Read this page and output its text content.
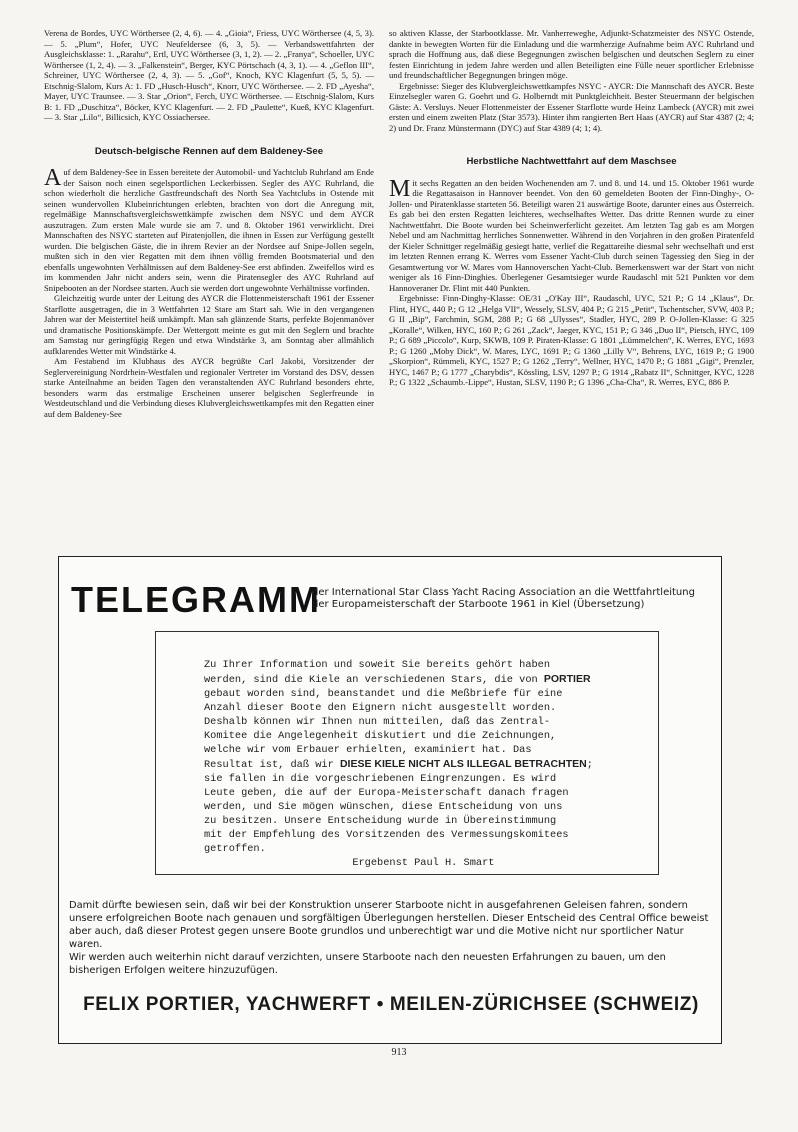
Verena de Bordes, UYC Wörthersee (2, 4, 6). — 4. „Gioia“, Friess, UYC Wörthersee (4, 5, 3). — 5. „Plum“, Hofer, UYC Neufeldersee (6, 3, 5). — Verbandswettfahrten der Ausgleichsklasse: 1. „Rarahu“, Ertl, UYC Wörthersee (3, 1, 2). — 2. „Franya“, Schoeller, UYC Wörthersee (1, 2, 4). — 3. „Falkenstein“, Berger, KYC Pörtschach (4, 3, 1). — 4. „Geflon III“, Schreiner, UYC Wörthersee (2, 4, 3). — 5. „Gof“, Knoch, KYC Klagenfurt (5, 5, 5). — Etschnig-Slalom, Kurs A: 1. FD „Husch-Husch“, Knorr, UYC Wörthersee. — 2. FD „Ayesha“, Mayer, UYC Traunsee. — 3. Star „Orion“, Ferch, UYC Wörthersee. — Etschnig-Slalom, Kurs B: 1. FD „Duschitza“, Böcker, KYC Klagenfurt. — 2. FD „Paulette“, Kueß, KYC Klagenfurt. — 3. Star „Lilo“, Billicsich, KYC Ossiachersee.

Deutsch-belgische Rennen auf dem Baldeney-See

Auf dem Baldeney-See in Essen bereitete der Automobil- und Yachtclub Ruhrland am Ende der Saison noch einen segelsportlichen Leckerbissen. Segler des AYC Ruhrland, die schon wiederholt die herzliche Gastfreundschaft des North Sea Yachtclubs in Ostende mit seinen wundervollen Klubeinrichtungen erlebten, brachten von dort die Anregung mit, regelmäßige Mannschaftsvergleichswettkämpfe zwischen dem NSYC und dem AYCR auszutragen. Zum ersten Male wurde sie am 7. und 8. Oktober 1961 verwirklicht. Drei Mannschaften des NSYC starteten auf Piratenjollen, die ihnen in Essen zur Verfügung gestellt wurden. Die belgischen Gäste, die in ihrem Revier an der Nordsee auf Snipe-Jollen segeln, mußten sich in den vier Regatten mit dem ihnen völlig fremden Bootsmaterial und den ebenfalls ungewohnten Verhältnissen auf dem Baldeney-See erst abfinden. Zweifellos wird es im kommenden Jahr nicht anders sein, wenn die Piratensegler des AYC Ruhrland auf Snipebooten an der Nordsee starten. Auch sie werden dort ungewohnte Verhältnisse vorfinden.

Gleichzeitig wurde unter der Leitung des AYCR die Flottenmeisterschaft 1961 der Essener Starflotte ausgetragen, die in 3 Wettfahrten 12 Stare am Start sah. Wie in den vergangenen Jahren war der Meistertitel heiß umkämpft. Man sah glänzende Starts, perfekte Bojenmanöver und dramatische Positionskämpfe. Der Wettergott meinte es gut mit den Seglern und brachte am Samstag nur geringfügig Regen und etwa Windstärke 3, am Sonntag aber allmählich aufklarendes Wetter mit Windstärke 4.

Am Festabend im Klubhaus des AYCR begrüßte Carl Jakobi, Vorsitzender der Seglervereinigung Nordrhein-Westfalen und regionaler Vertreter im Vorstand des DSV, dessen starke Anteilnahme an beiden Tagen den veranstaltenden AYC Ruhrland besonders ehrte, besonders warm das erstmalige Erscheinen unserer belgischen Seglerfreunde in Westdeutschland und die Verbindung dieses Klubvergleichswettkampfes mit den Regatten einer auf dem Baldeney-See

so aktiven Klasse, der Starbootklasse. Mr. Vanherreweghe, Adjunkt-Schatzmeister des NSYC Ostende, dankte in bewegten Worten für die Einladung und die warmherzige Aufnahme beim AYC Ruhrland und sprach die Hoffnung aus, daß diese Begegnungen zwischen belgischen und deutschen Seglern zu einer festen Einrichtung in jedem Jahre werden und allen Beteiligten eine Fülle neuer sportlicher Erlebnisse und freundschaftlicher Begegnungen bringen möge.

Ergebnisse: Sieger des Klubvergleichswettkampfes NSYC - AYCR: Die Mannschaft des AYCR. Beste Einzelsegler waren G. Goehrt und G. Holberndt mit Punktgleichheit. Bester Steuermann der belgischen Gäste: A. Versluys. Neuer Flottenmeister der Essener Starflotte wurde Heinz Lambeck (AYCR) mit zwei ersten und einem zweiten Platz (Star 3573). Hinter ihm rangierten Bert Haas (AYCR) auf Star 4387 (2; 4; 2) und Dr. Franz Münstermann (DYC) auf Star 4389 (4; 1; 4).

Herbstliche Nachtwettfahrt auf dem Maschsee

Mit sechs Regatten an den beiden Wochenenden am 7. und 8. und 14. und 15. Oktober 1961 wurde die Regattasaison in Hannover beendet. Von den 60 gemeldeten Booten der Finn-Dinghy-, O-Jollen- und Piratenklasse starteten 56. Beteiligt waren 21 auswärtige Boote, darunter eines aus Österreich. Es gab bei den ersten Regatten leichteres, wechselhaftes Wetter. Das dritte Rennen wurde zu einer Nachtwettfahrt. Die Boote wurden bei Scheinwerferlicht gezeitet. Am letzten Tag gab es am Morgen Nebel und am Nachmittag herrliches Sonnenwetter. Während in den Vorjahren in den großen Piratenfeld der Kieler Schnittger regelmäßig gesiegt hatte, verlief die Regattareihe diesmal sehr wechselhaft und erst im letzten Rennen errang K. Werres vom Essener Yacht-Club durch seinen Tagessieg den Sieg in der Gesamtwertung vor W. Mares vom Hannoverschen Yacht-Club. Bemerkenswert war der Start von nicht weniger als 16 Finn-Dinghies. Überlegener Gesamtsieger wurde Raudaschl mit 521 Punkten vor dem Hannoveraner Dr. Flint mit 440 Punkten.

Ergebnisse: Finn-Dinghy-Klasse: OE/31 „O'Kay III“, Raudaschl, UYC, 521 P.; G 14 „Klaus“, Dr. Flint, HYC, 440 P.; G 12 „Helga VII“, Wessely, SLSV, 404 P.; G 215 „Petit“, Tschentscher, SVW, 403 P.; G II „Bip“, Farchmin, SGM, 288 P.; G 68 „Ulysses“, Stadler, HYC, 289 P. O-Jollen-Klasse: G 325 „Koralle“, Wilken, HYC, 160 P.; G 261 „Zack“, Jaeger, KYC, 151 P.; G 346 „Duo II“, Pietsch, HYC, 109 P.; G 689 „Piccolo“, Kurp, SKWB, 109 P. Piraten-Klasse: G 1801 „Lümmelchen“, K. Werres, EYC, 1693 P.; G 1260 „Moby Dick“, W. Mares, LYC, 1691 P.; G 1360 „Lilly V“, Behrens, LYC, 1619 P.; G 1900 „Skorpion“, Rümmeli, KYC, 1527 P.; G 1262 „Terry“, Wellner, HYC, 1470 P.; G 1881 „Gigi“, Prenzler, HYC, 1467 P.; G 1777 „Charybdis“, Kössling, LSV, 1297 P.; G 1914 „Rabatz II“, Schnittger, KYC, 1228 P.; G 1322 „Schaumb.-Lippe“, Hustan, SLSV, 1190 P.; G 1396 „Cha-Cha“, R. Werres, EYC, 886 P.

TELEGRAMM
der International Star Class Yacht Racing Association an die Wettfahrtleitung der Europameisterschaft der Starboote 1961 in Kiel (Übersetzung)
Zu Ihrer Information und soweit Sie bereits gehört haben
werden, sind die Kiele an verschiedenen Stars, die von PORTIER
gebaut worden sind, beanstandet und die Meßbriefe für eine
Anzahl dieser Boote den Eignern nicht ausgestellt worden.
Deshalb können wir Ihnen nun mitteilen, daß das Zentral-
Komitee die Angelegenheit diskutiert und die Zeichnungen,
welche wir vom Erbauer erhielten, examiniert hat. Das
Resultat ist, daß wir DIESE KIELE NICHT ALS ILLEGAL BETRACHTEN;
sie fallen in die vorgeschriebenen Eingrenzungen. Es wird
Leute geben, die auf der Europa-Meisterschaft danach fragen
werden, und Sie mögen wünschen, diese Entscheidung von uns
zu besitzen. Unsere Entscheidung wurde in Übereinstimmung
mit der Empfehlung des Vorsitzenden des Vermessungskomitees
getroffen.
Ergebenst Paul H. Smart

Damit dürfte bewiesen sein, daß wir bei der Konstruktion unserer Starboote nicht in ausgefahrenen Geleisen fahren, sondern unsere erfolgreichen Boote nach genauen und sorgfältigen Überlegungen herstellen. Dieser Entscheid des Central Office beweist aber auch, daß dieser Protest gegen unsere Boote grundlos und unberechtigt war und die Motive nicht nur sportlicher Natur waren.

Wir werden auch weiterhin nicht darauf verzichten, unsere Starboote nach den neuesten Erfahrungen zu bauen, um den bisherigen Erfolgen weitere hinzuzufügen.

FELIX PORTIER, YACHWERFT • MEILEN-ZÜRICHSEE (SCHWEIZ)
913
